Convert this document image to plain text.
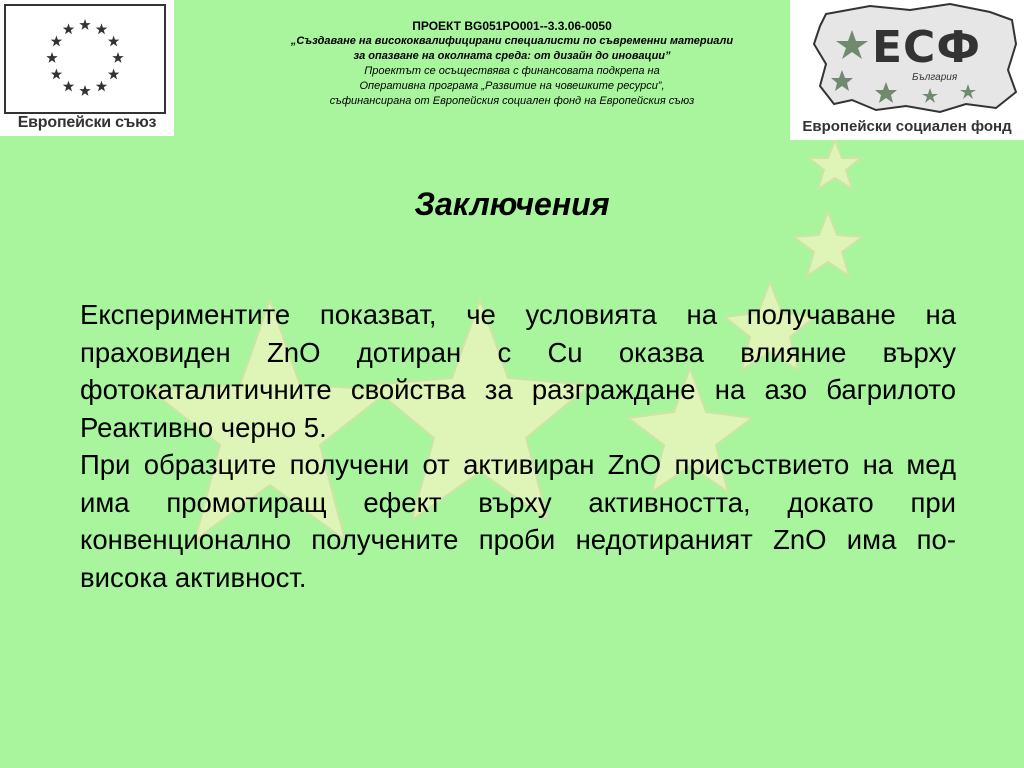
Европейски съюз
ЕСФ
България
Европейски социален фонд
ПРОЕКТ BG051PO001--3.3.06-0050
„Създаване на висококвалифицирани специалисти по съвременни материали
за опазване на околната среда: от дизайн до иновации”
Проектът се осъществява с финансовата подкрепа на
Оперативна програма „Развитие на човешките ресурси”,
съфинансирана от Европейския социален фонд на Европейския съюз
Заключения

Експериментите показват, че условията на получаване на праховиден ZnO дотиран с Cu оказва влияние върху фотокаталитичните свойства за разграждане на азо багрилото Реактивно черно 5.

При образците получени от активиран ZnO присъствието на мед има промотиращ ефект върху активността, докато при конвенционално получените проби недотираният ZnO има по-висока активност.
